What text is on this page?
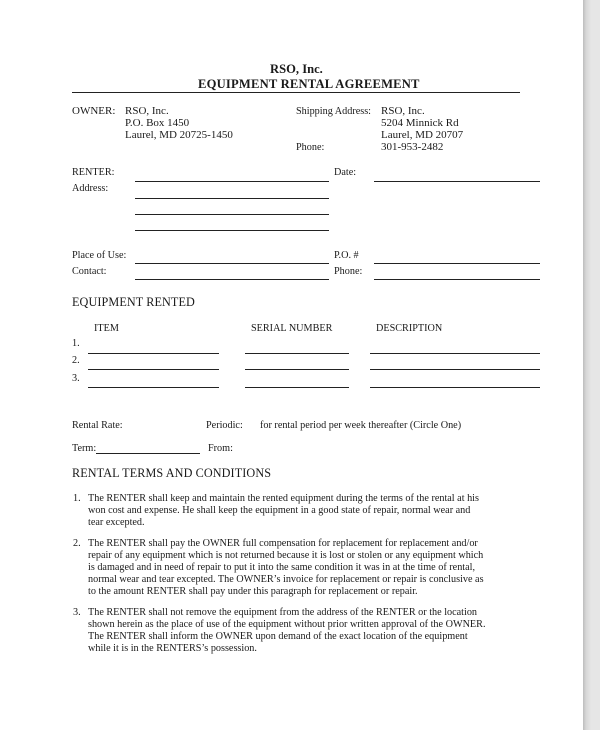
RSO, Inc.
EQUIPMENT RENTAL AGREEMENT
OWNER: RSO, Inc.
P.O. Box 1450
Laurel, MD 20725-1450
Shipping Address: RSO, Inc.
5204 Minnick Rd
Laurel, MD 20707
Phone:	301-953-2482
RENTER:	Date:
Address:
Place of Use:	P.O. #
Contact:	Phone:
EQUIPMENT RENTED
ITEM	SERIAL NUMBER	DESCRIPTION
1.
2.
3.
Rental Rate:	Periodic: for rental period per week thereafter (Circle One)
Term:	From:
RENTAL TERMS AND CONDITIONS
1. The RENTER shall keep and maintain the rented equipment during the terms of the rental at his

won cost and expense. He shall keep the equipment in a good state of repair, normal wear and

tear excepted.

2. The RENTER shall pay the OWNER full compensation for replacement for replacement and/or

repair of any equipment which is not returned because it is lost or stolen or any equipment which

is damaged and in need of repair to put it into the same condition it was in at the time of rental,

normal wear and tear excepted. The OWNER’s invoice for replacement or repair is conclusive as

to the amount RENTER shall pay under this paragraph for replacement or repair.

3. The RENTER shall not remove the equipment from the address of the RENTER or the location

shown herein as the place of use of the equipment without prior written approval of the OWNER.

The RENTER shall inform the OWNER upon demand of the exact location of the equipment

while it is in the RENTERS’s possession.
